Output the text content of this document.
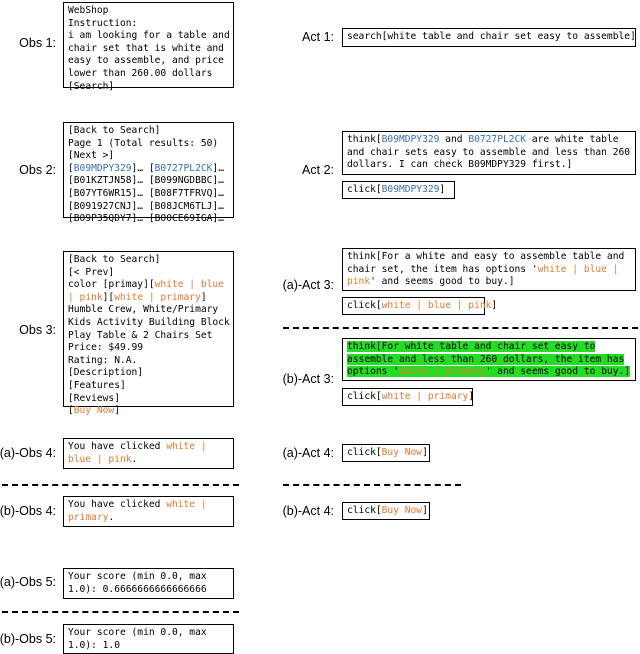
Obs 1:
Obs 2:
Obs 3:
(a)-Obs 4:
(b)-Obs 4:
(a)-Obs 5:
(b)-Obs 5:
Act 1:
Act 2:
(a)-Act 3:
(b)-Act 3:
(a)-Act 4:
(b)-Act 4:
WebShop
Instruction:
i am looking for a table and
chair set that is white and
easy to assemble, and price
lower than 260.00 dollars
[Search]
[Back to Search]
Page 1 (Total results: 50)
[Next >]
[B09MDPY329]… [B0727PL2CK]…
[B01KZTJN58]… [B099NGDBBC]…
[B07YT6WR15]… [B08F7TFRVQ]…
[B091927CNJ]… [B08JCM6TLJ]…
[B09P35QDY7]… [B00CE69IGA]…
[Back to Search]
[< Prev]
color [primay][white | blue
| pink][white | primary]
Humble Crew, White/Primary
Kids Activity Building Block
Play Table & 2 Chairs Set
Price: $49.99
Rating: N.A.
[Description]
[Features]
[Reviews]
[Buy Now]
You have clicked white |
blue | pink.
You have clicked white |
primary.
Your score (min 0.0, max
1.0): 0.6666666666666666
Your score (min 0.0, max
1.0): 1.0
search[white table and chair set easy to assemble]
think[B09MDPY329 and B0727PL2CK are white table
and chair sets easy to assemble and less than 260
dollars. I can check B09MDPY329 first.]
click[B09MDPY329]
think[For a white and easy to assemble table and
chair set, the item has options 'white | blue |
pink' and seems good to buy.]
click[white | blue | pink]
think[For white table and chair set easy to
assemble and less than 260 dollars, the item has
options 'white | primary' and seems good to buy.]
click[white | primary]
click[Buy Now]
click[Buy Now]
